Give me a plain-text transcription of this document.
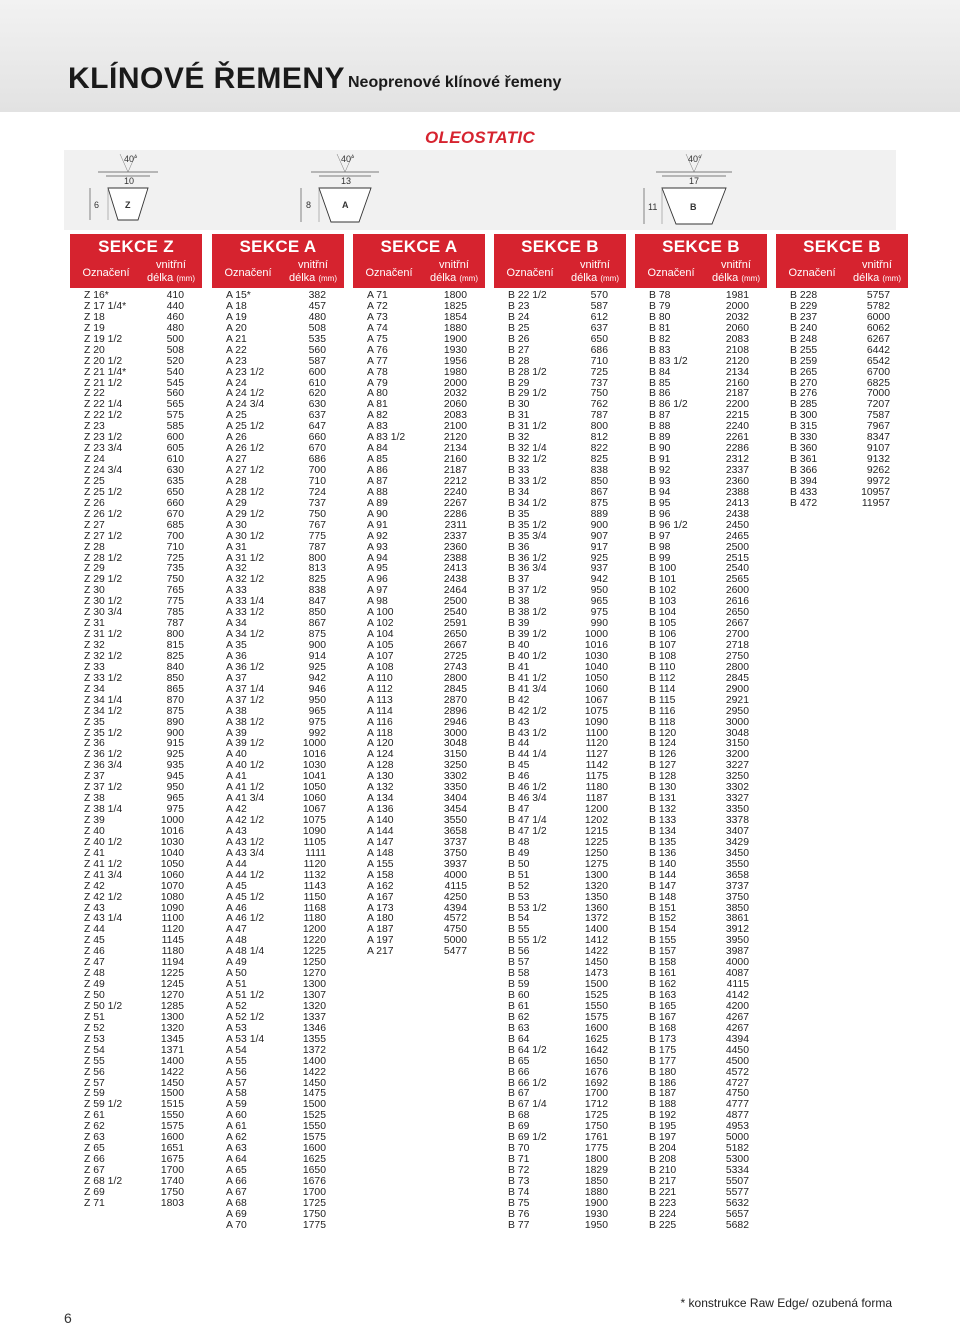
KLÍNOVÉ ŘEMENY Neoprenové klínové řemeny
OLEOSTATIC
40°
10
6	Z
40°
13
8	A
40°
17
11	B
SEKCE Z
Označení
vnitřní
délka (mm)
Z 16*	410
Z 17 1/4*	440
Z 18	460
Z 19	480
Z 19 1/2	500
Z 20	508
Z 20 1/2	520
Z 21 1/4*	540
Z 21 1/2	545
Z 22	560
Z 22 1/4	565
Z 22 1/2	575
Z 23	585
Z 23 1/2	600
Z 23 3/4	605
Z 24	610
Z 24 3/4	630
Z 25	635
Z 25 1/2	650
Z 26	660
Z 26 1/2	670
Z 27	685
Z 27 1/2	700
Z 28	710
Z 28 1/2	725
Z 29	735
Z 29 1/2	750
Z 30	765
Z 30 1/2	775
Z 30 3/4	785
Z 31	787
Z 31 1/2	800
Z 32	815
Z 32 1/2	825
Z 33	840
Z 33 1/2	850
Z 34	865
Z 34 1/4	870
Z 34 1/2	875
Z 35	890
Z 35 1/2	900
Z 36	915
Z 36 1/2	925
Z 36 3/4	935
Z 37	945
Z 37 1/2	950
Z 38	965
Z 38 1/4	975
Z 39	1000
Z 40	1016
Z 40 1/2	1030
Z 41	1040
Z 41 1/2	1050
Z 41 3/4	1060
Z 42	1070
Z 42 1/2	1080
Z 43	1090
Z 43 1/4	1100
Z 44	1120
Z 45	1145
Z 46	1180
Z 47	1194
Z 48	1225
Z 49	1245
Z 50	1270
Z 50 1/2	1285
Z 51	1300
Z 52	1320
Z 53	1345
Z 54	1371
Z 55	1400
Z 56	1422
Z 57	1450
Z 59	1500
Z 59 1/2	1515
Z 61	1550
Z 62	1575
Z 63	1600
Z 65	1651
Z 66	1675
Z 67	1700
Z 68 1/2	1740
Z 69	1750
Z 71	1803
SEKCE A
Označení
vnitřní
délka (mm)
A 15*	382
A 18	457
A 19	480
A 20	508
A 21	535
A 22	560
A 23	587
A 23 1/2	600
A 24	610
A 24 1/2	620
A 24 3/4	630
A 25	637
A 25 1/2	647
A 26	660
A 26 1/2	670
A 27	686
A 27 1/2	700
A 28	710
A 28 1/2	724
A 29	737
A 29 1/2	750
A 30	767
A 30 1/2	775
A 31	787
A 31 1/2	800
A 32	813
A 32 1/2	825
A 33	838
A 33 1/4	847
A 33 1/2	850
A 34	867
A 34 1/2	875
A 35	900
A 36	914
A 36 1/2	925
A 37	942
A 37 1/4	946
A 37 1/2	950
A 38	965
A 38 1/2	975
A 39	992
A 39 1/2	1000
A 40	1016
A 40 1/2	1030
A 41	1041
A 41 1/2	1050
A 41 3/4	1060
A 42	1067
A 42 1/2	1075
A 43	1090
A 43 1/2	1105
A 43 3/4	1111
A 44	1120
A 44 1/2	1132
A 45	1143
A 45 1/2	1150
A 46	1168
A 46 1/2	1180
A 47	1200
A 48	1220
A 48 1/4	1225
A 49	1250
A 50	1270
A 51	1300
A 51 1/2	1307
A 52	1320
A 52 1/2	1337
A 53	1346
A 53 1/4	1355
A 54	1372
A 55	1400
A 56	1422
A 57	1450
A 58	1475
A 59	1500
A 60	1525
A 61	1550
A 62	1575
A 63	1600
A 64	1625
A 65	1650
A 66	1676
A 67	1700
A 68	1725
A 69	1750
A 70	1775
SEKCE A
Označení
vnitřní
délka (mm)
A 71	1800
A 72	1825
A 73	1854
A 74	1880
A 75	1900
A 76	1930
A 77	1956
A 78	1980
A 79	2000
A 80	2032
A 81	2060
A 82	2083
A 83	2100
A 83 1/2	2120
A 84	2134
A 85	2160
A 86	2187
A 87	2212
A 88	2240
A 89	2267
A 90	2286
A 91	2311
A 92	2337
A 93	2360
A 94	2388
A 95	2413
A 96	2438
A 97	2464
A 98	2500
A 100	2540
A 102	2591
A 104	2650
A 105	2667
A 107	2725
A 108	2743
A 110	2800
A 112	2845
A 113	2870
A 114	2896
A 116	2946
A 118	3000
A 120	3048
A 124	3150
A 128	3250
A 130	3302
A 132	3350
A 134	3404
A 136	3454
A 140	3550
A 144	3658
A 147	3737
A 148	3750
A 155	3937
A 158	4000
A 162	4115
A 167	4250
A 173	4394
A 180	4572
A 187	4750
A 197	5000
A 217	5477
SEKCE B
Označení
vnitřní
délka (mm)
B 22 1/2	570
B 23	587
B 24	612
B 25	637
B 26	650
B 27	686
B 28	710
B 28 1/2	725
B 29	737
B 29 1/2	750
B 30	762
B 31	787
B 31 1/2	800
B 32	812
B 32 1/4	822
B 32 1/2	825
B 33	838
B 33 1/2	850
B 34	867
B 34 1/2	875
B 35	889
B 35 1/2	900
B 35 3/4	907
B 36	917
B 36 1/2	925
B 36 3/4	937
B 37	942
B 37 1/2	950
B 38	965
B 38 1/2	975
B 39	990
B 39 1/2	1000
B 40	1016
B 40 1/2	1030
B 41	1040
B 41 1/2	1050
B 41 3/4	1060
B 42	1067
B 42 1/2	1075
B 43	1090
B 43 1/2	1100
B 44	1120
B 44 1/4	1127
B 45	1142
B 46	1175
B 46 1/2	1180
B 46 3/4	1187
B 47	1200
B 47 1/4	1202
B 47 1/2	1215
B 48	1225
B 49	1250
B 50	1275
B 51	1300
B 52	1320
B 53	1350
B 53 1/2	1360
B 54	1372
B 55	1400
B 55 1/2	1412
B 56	1422
B 57	1450
B 58	1473
B 59	1500
B 60	1525
B 61	1550
B 62	1575
B 63	1600
B 64	1625
B 64 1/2	1642
B 65	1650
B 66	1676
B 66 1/2	1692
B 67	1700
B 67 1/4	1712
B 68	1725
B 69	1750
B 69 1/2	1761
B 70	1775
B 71	1800
B 72	1829
B 73	1850
B 74	1880
B 75	1900
B 76	1930
B 77	1950
SEKCE B
Označení
vnitřní
délka (mm)
B 78	1981
B 79	2000
B 80	2032
B 81	2060
B 82	2083
B 83	2108
B 83 1/2	2120
B 84	2134
B 85	2160
B 86	2187
B 86 1/2	2200
B 87	2215
B 88	2240
B 89	2261
B 90	2286
B 91	2312
B 92	2337
B 93	2360
B 94	2388
B 95	2413
B 96	2438
B 96 1/2	2450
B 97	2465
B 98	2500
B 99	2515
B 100	2540
B 101	2565
B 102	2600
B 103	2616
B 104	2650
B 105	2667
B 106	2700
B 107	2718
B 108	2750
B 110	2800
B 112	2845
B 114	2900
B 115	2921
B 116	2950
B 118	3000
B 120	3048
B 124	3150
B 126	3200
B 127	3227
B 128	3250
B 130	3302
B 131	3327
B 132	3350
B 133	3378
B 134	3407
B 135	3429
B 136	3450
B 140	3550
B 144	3658
B 147	3737
B 148	3750
B 151	3850
B 152	3861
B 154	3912
B 155	3950
B 157	3987
B 158	4000
B 161	4087
B 162	4115
B 163	4142
B 165	4200
B 167	4267
B 168	4267
B 173	4394
B 175	4450
B 177	4500
B 180	4572
B 186	4727
B 187	4750
B 188	4777
B 192	4877
B 195	4953
B 197	5000
B 204	5182
B 208	5300
B 210	5334
B 217	5507
B 221	5577
B 223	5632
B 224	5657
B 225	5682
SEKCE B
Označení
vnitřní
délka (mm)
B 228	5757
B 229	5782
B 237	6000
B 240	6062
B 248	6267
B 255	6442
B 259	6542
B 265	6700
B 270	6825
B 276	7000
B 285	7207
B 300	7587
B 315	7967
B 330	8347
B 360	9107
B 361	9132
B 366	9262
B 394	9972
B 433	10957
B 472	11957
6
* konstrukce Raw Edge/ ozubená forma
